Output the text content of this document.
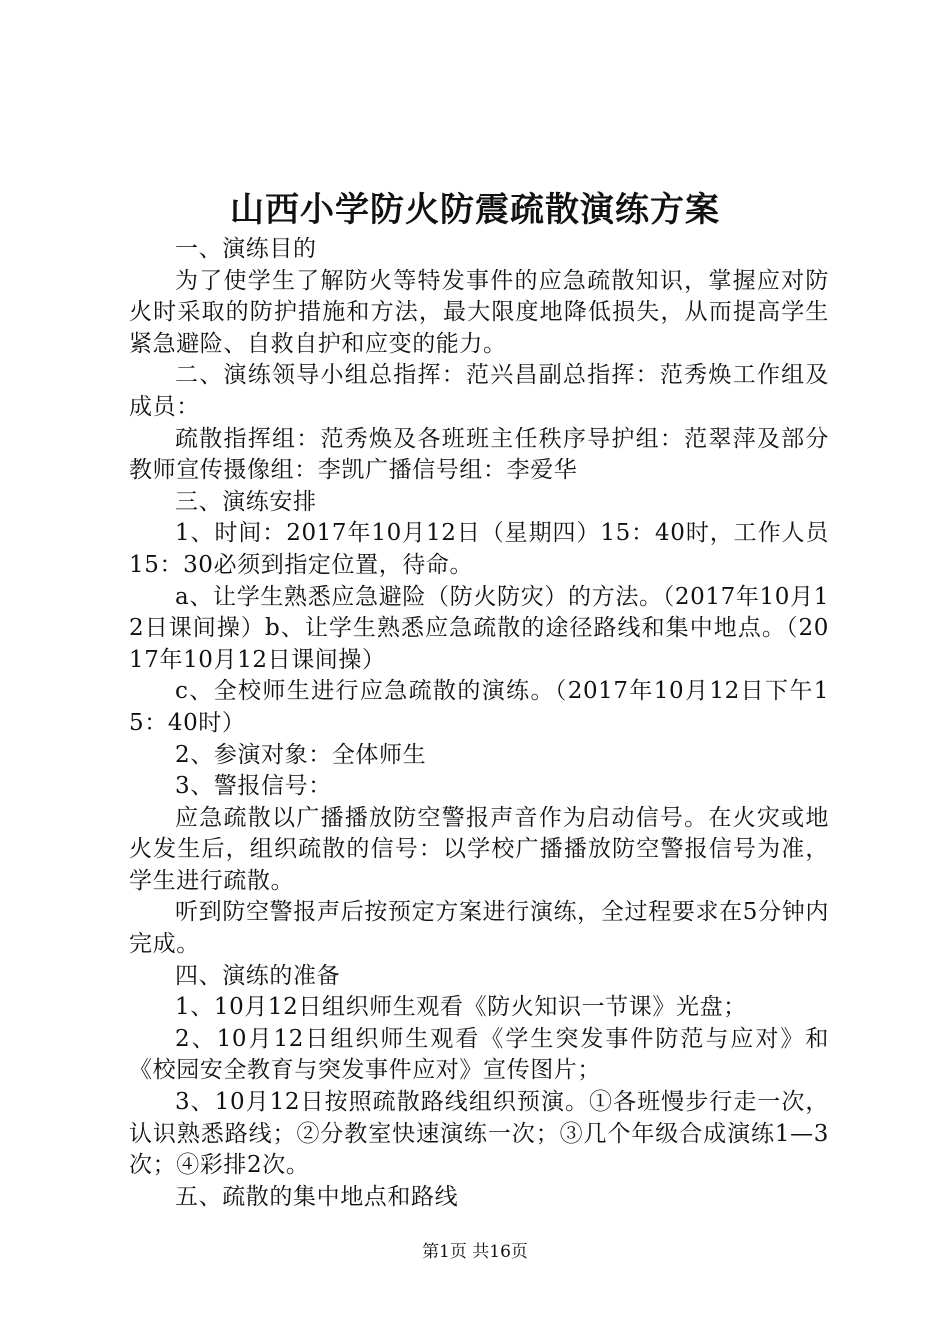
山西小学防火防震疏散演练方案

一、演练目的

为了使学生了解防火等特发事件的应急疏散知识，掌握应对防火时采取的防护措施和方法，最大限度地降低损失，从而提高学生紧急避险、自救自护和应变的能力。

二、演练领导小组总指挥：范兴昌副总指挥：范秀焕工作组及成员：

疏散指挥组：范秀焕及各班班主任秩序导护组：范翠萍及部分教师宣传摄像组：李凯广播信号组：李爱华

三、演练安排

1、时间：2017年10月12日（星期四）15：40时，工作人员15：30必须到指定位置，待命。

a、让学生熟悉应急避险（防火防灾）的方法。（2017年10月12日课间操）b、让学生熟悉应急疏散的途径路线和集中地点。（2017年10月12日课间操）

c、全校师生进行应急疏散的演练。（2017年10月12日下午15：40时）

2、参演对象：全体师生

3、警报信号：

应急疏散以广播播放防空警报声音作为启动信号。在火灾或地火发生后，组织疏散的信号：以学校广播播放防空警报信号为准，学生进行疏散。

听到防空警报声后按预定方案进行演练，全过程要求在5分钟内完成。

四、演练的准备

1、10月12日组织师生观看《防火知识一节课》光盘；

2、10月12日组织师生观看《学生突发事件防范与应对》和《校园安全教育与突发事件应对》宣传图片；

3、10月12日按照疏散路线组织预演。①各班慢步行走一次，认识熟悉路线；②分教室快速演练一次；③几个年级合成演练1—3次；④彩排2次。

五、疏散的集中地点和路线

第1页 共16页
